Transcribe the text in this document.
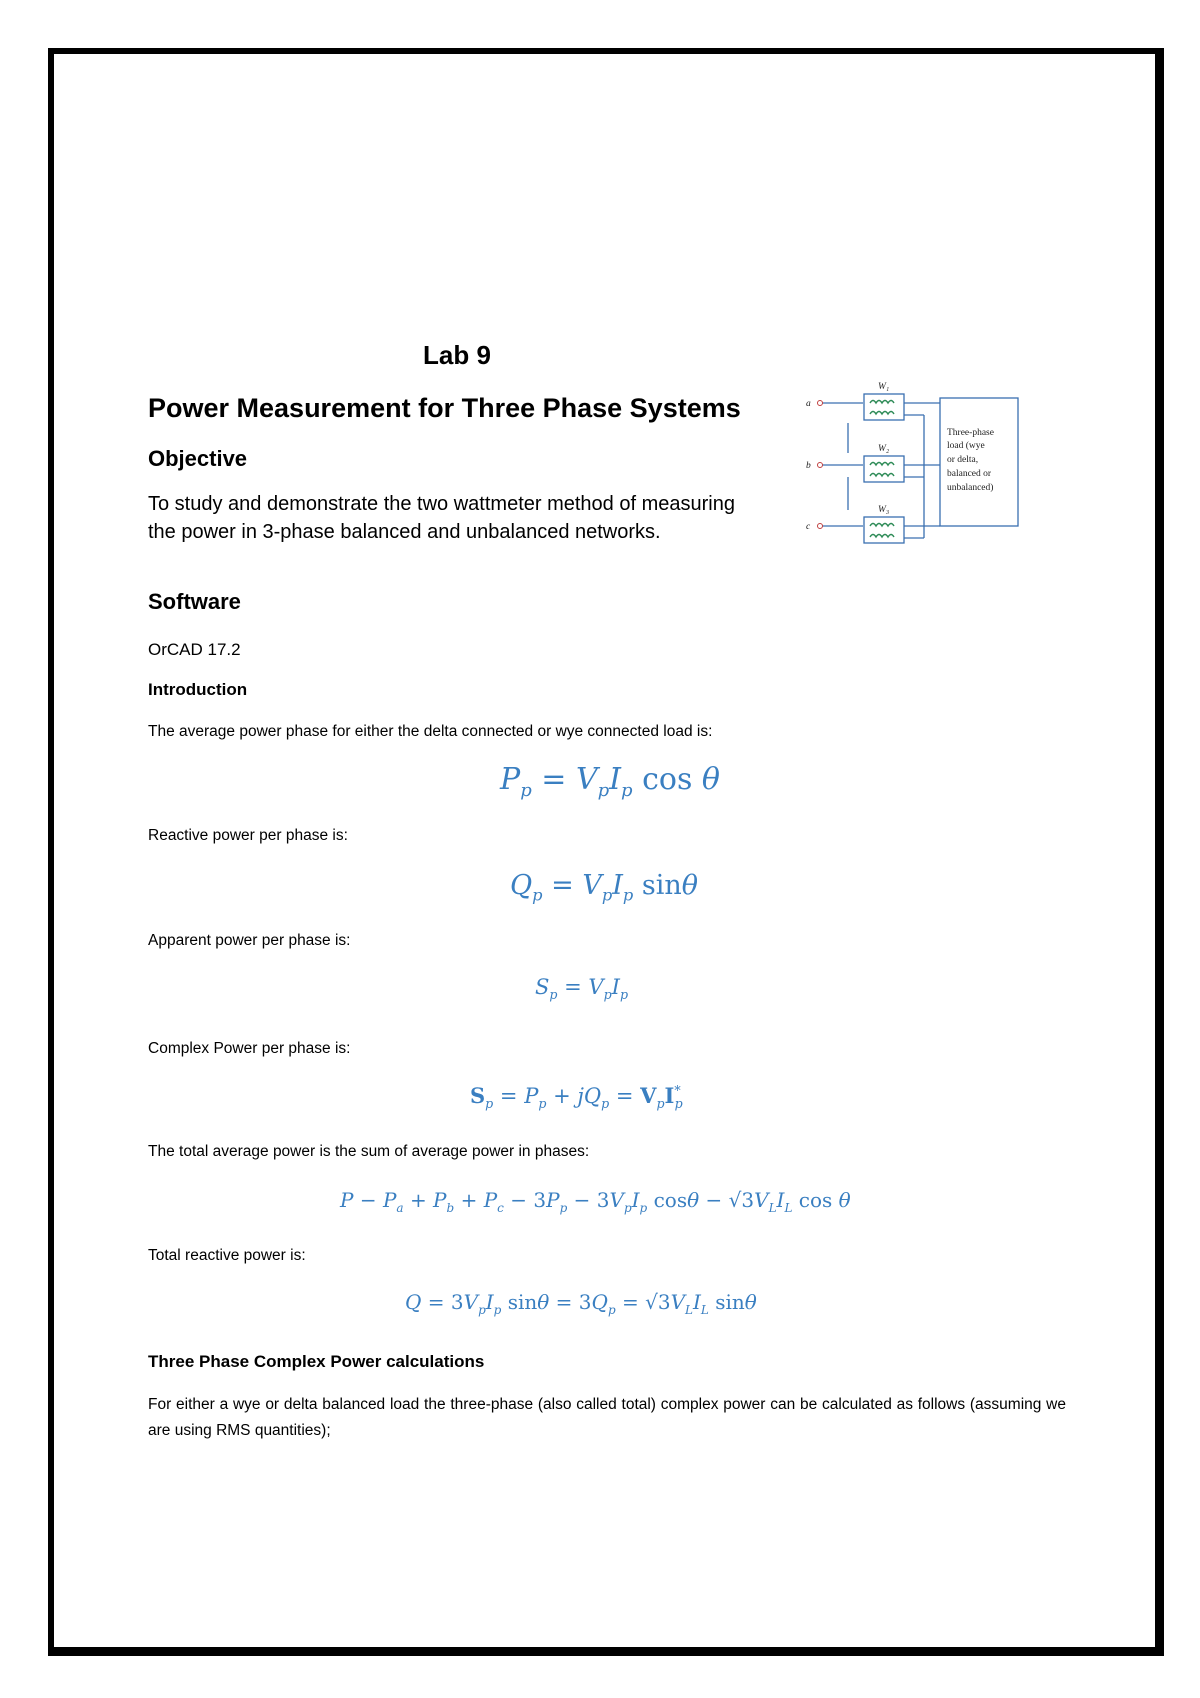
Lab 9
Power Measurement for Three Phase Systems
Objective
To study and demonstrate the two wattmeter method of measuring the power in 3-phase balanced and unbalanced networks.
Software
OrCAD 17.2
Introduction
The average power phase for either the delta connected or wye connected load is:
$P_p = V_pI_p$ cos θ
Reactive power per phase is:
$Q_p = V_pI_p$ sinθ
Apparent power per phase is:
$S_p = V_pI_p$
Complex Power per phase is:
$S_p = P_p + jQ_p = V_pI^*_p$
The total average power is the sum of average power in phases:
$P - P_a + P_b + P_c - 3P_p - 3V_pI_p$ $\cos\theta - √3V_LI_L$ cos θ
Total reactive power is:
$Q = 3V_pI_p$ $\sin\theta = 3Q_p = √3V_LI_L$ sinθ
Three Phase Complex Power calculations
For either a wye or delta balanced load the three-phase (also called total) complex power can be calculated as follows (assuming we are using RMS quantities);
a
b
c
W₁
W₂
W₃
Three-phase
load (wye
or delta,
balanced or
unbalanced)
